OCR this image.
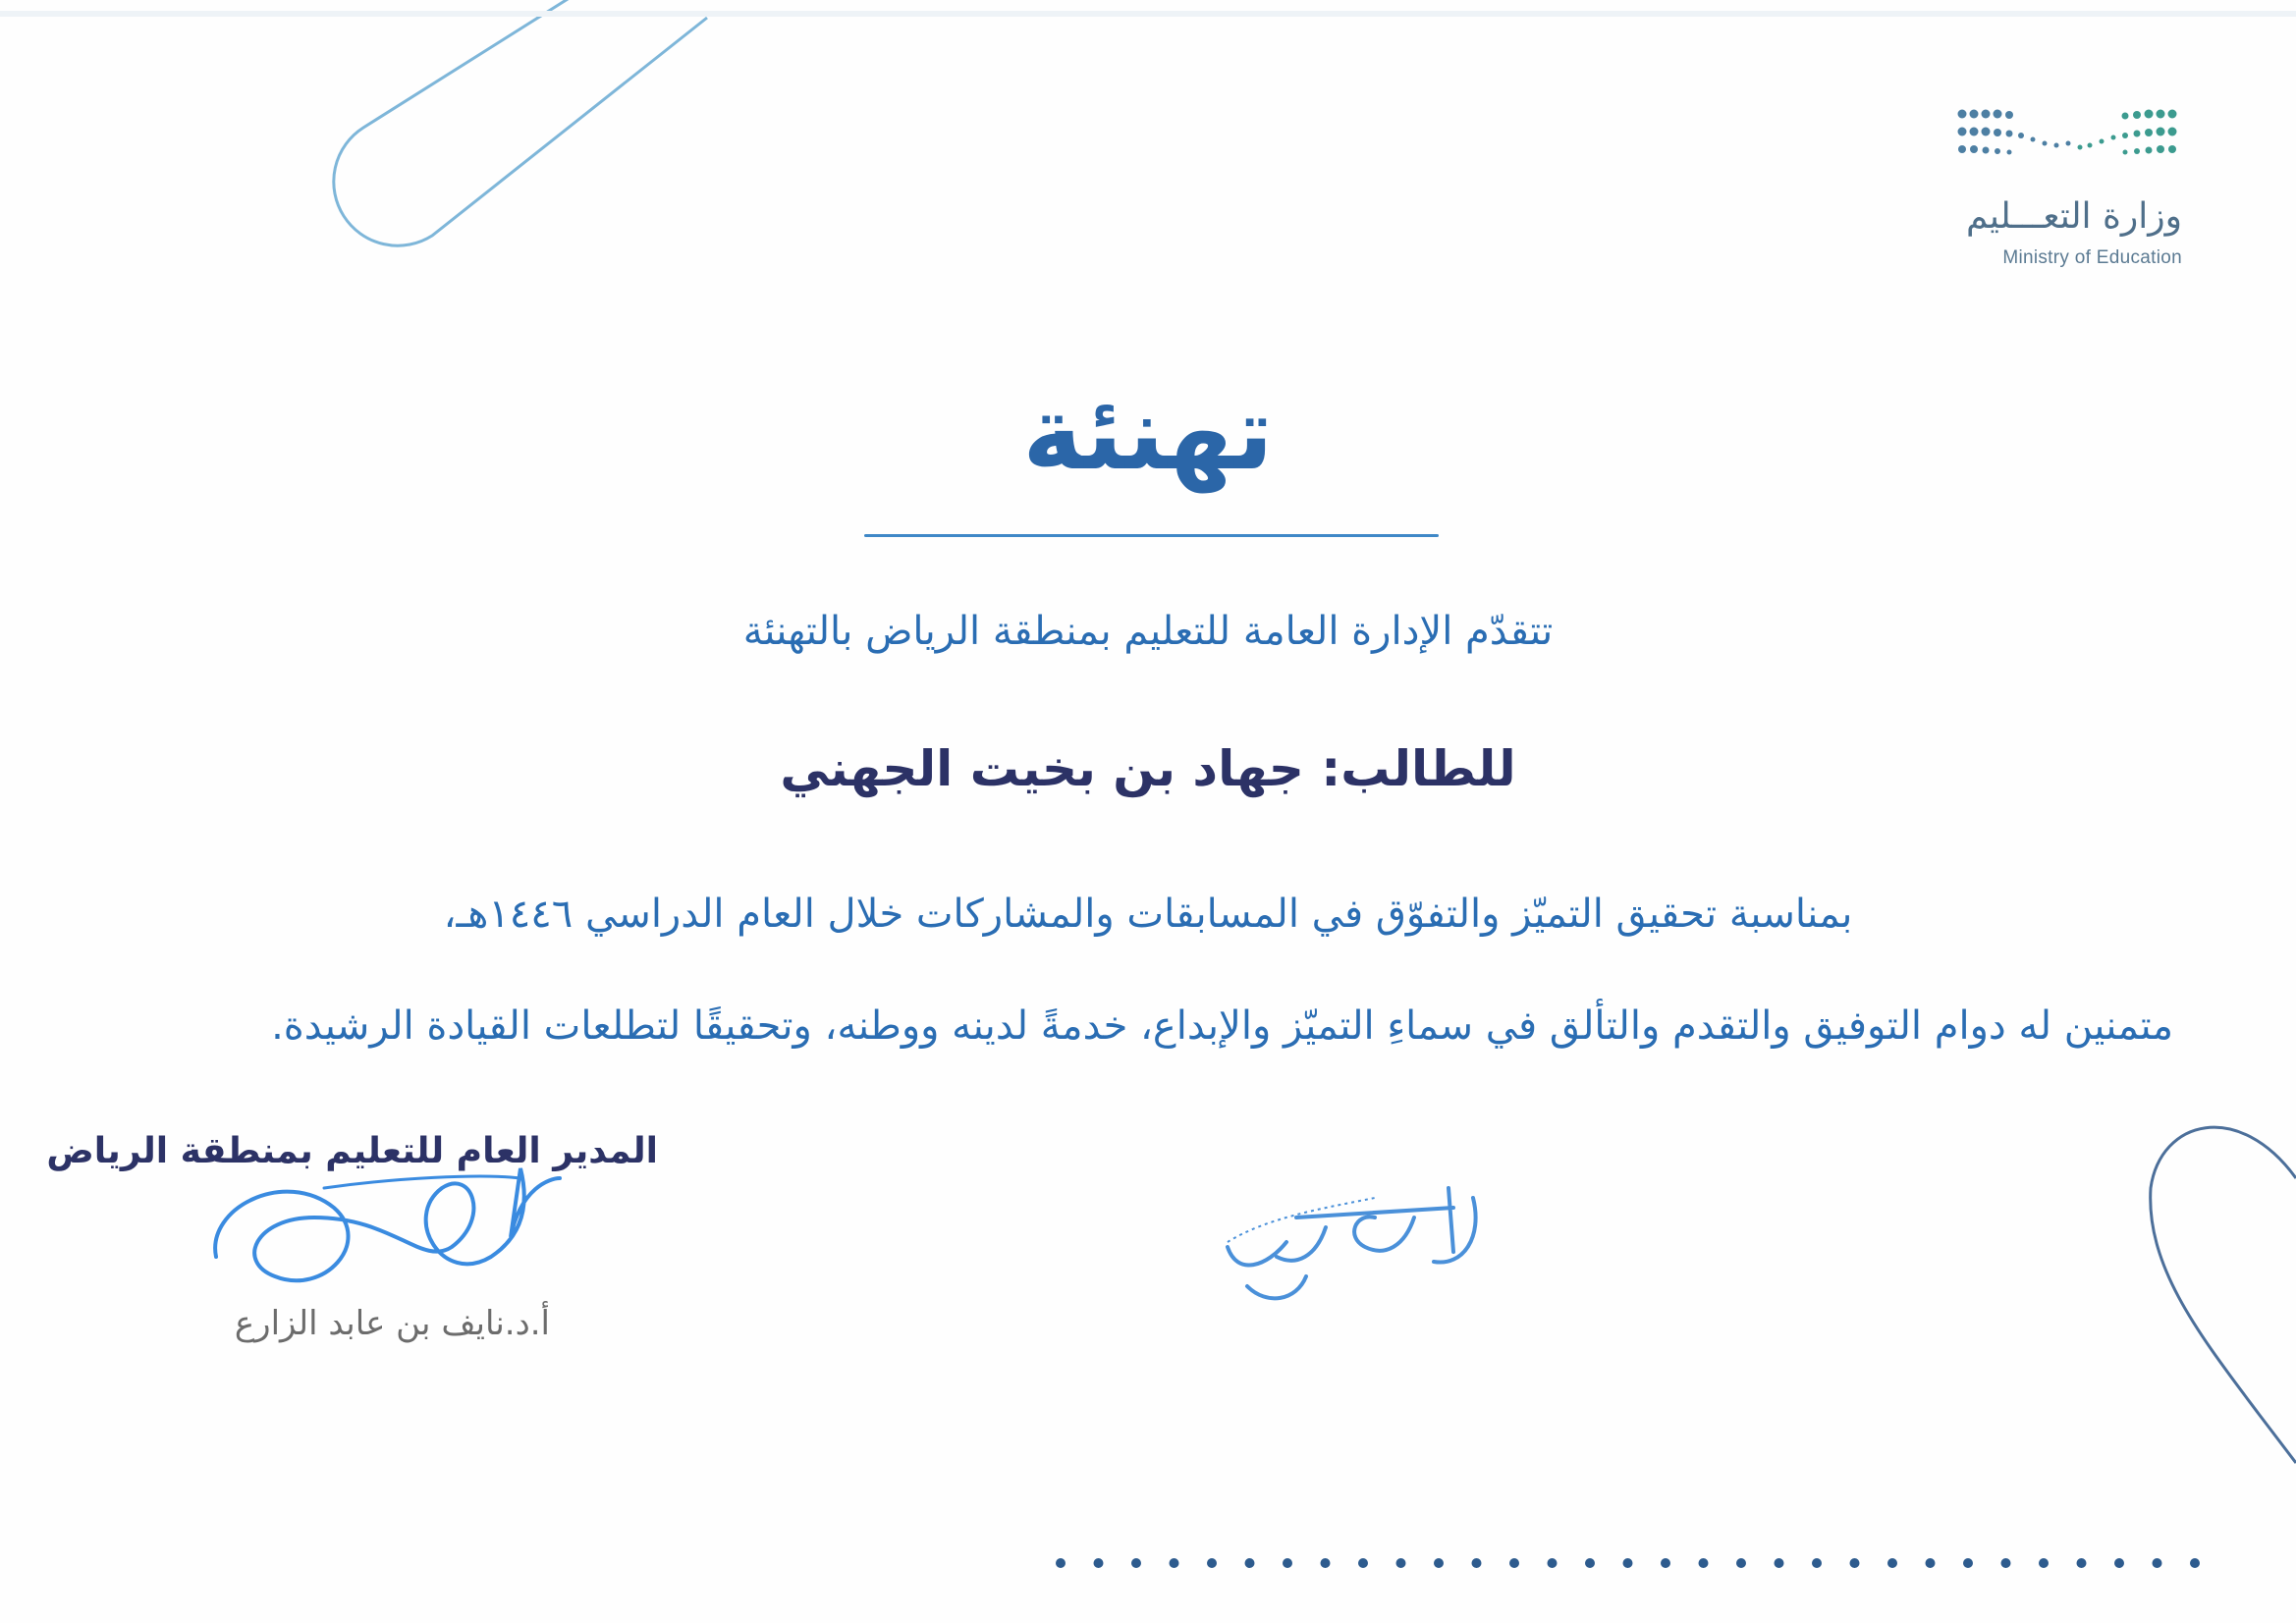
وزارة التعـــليم
Ministry of Education
تهنئة
تتقدّم الإدارة العامة للتعليم بمنطقة الرياض بالتهنئة
للطالب: جهاد بن بخيت الجهني
بمناسبة تحقيق التميّز والتفوّق في المسابقات والمشاركات خلال العام الدراسي ١٤٤٦هـ،
متمنين له دوام التوفيق والتقدم والتألق في سماءِ التميّز والإبداع، خدمةً لدينه ووطنه، وتحقيقًا لتطلعات القيادة الرشيدة.
المدير العام للتعليم بمنطقة الرياض
أ.د.نايف بن عابد الزارع
